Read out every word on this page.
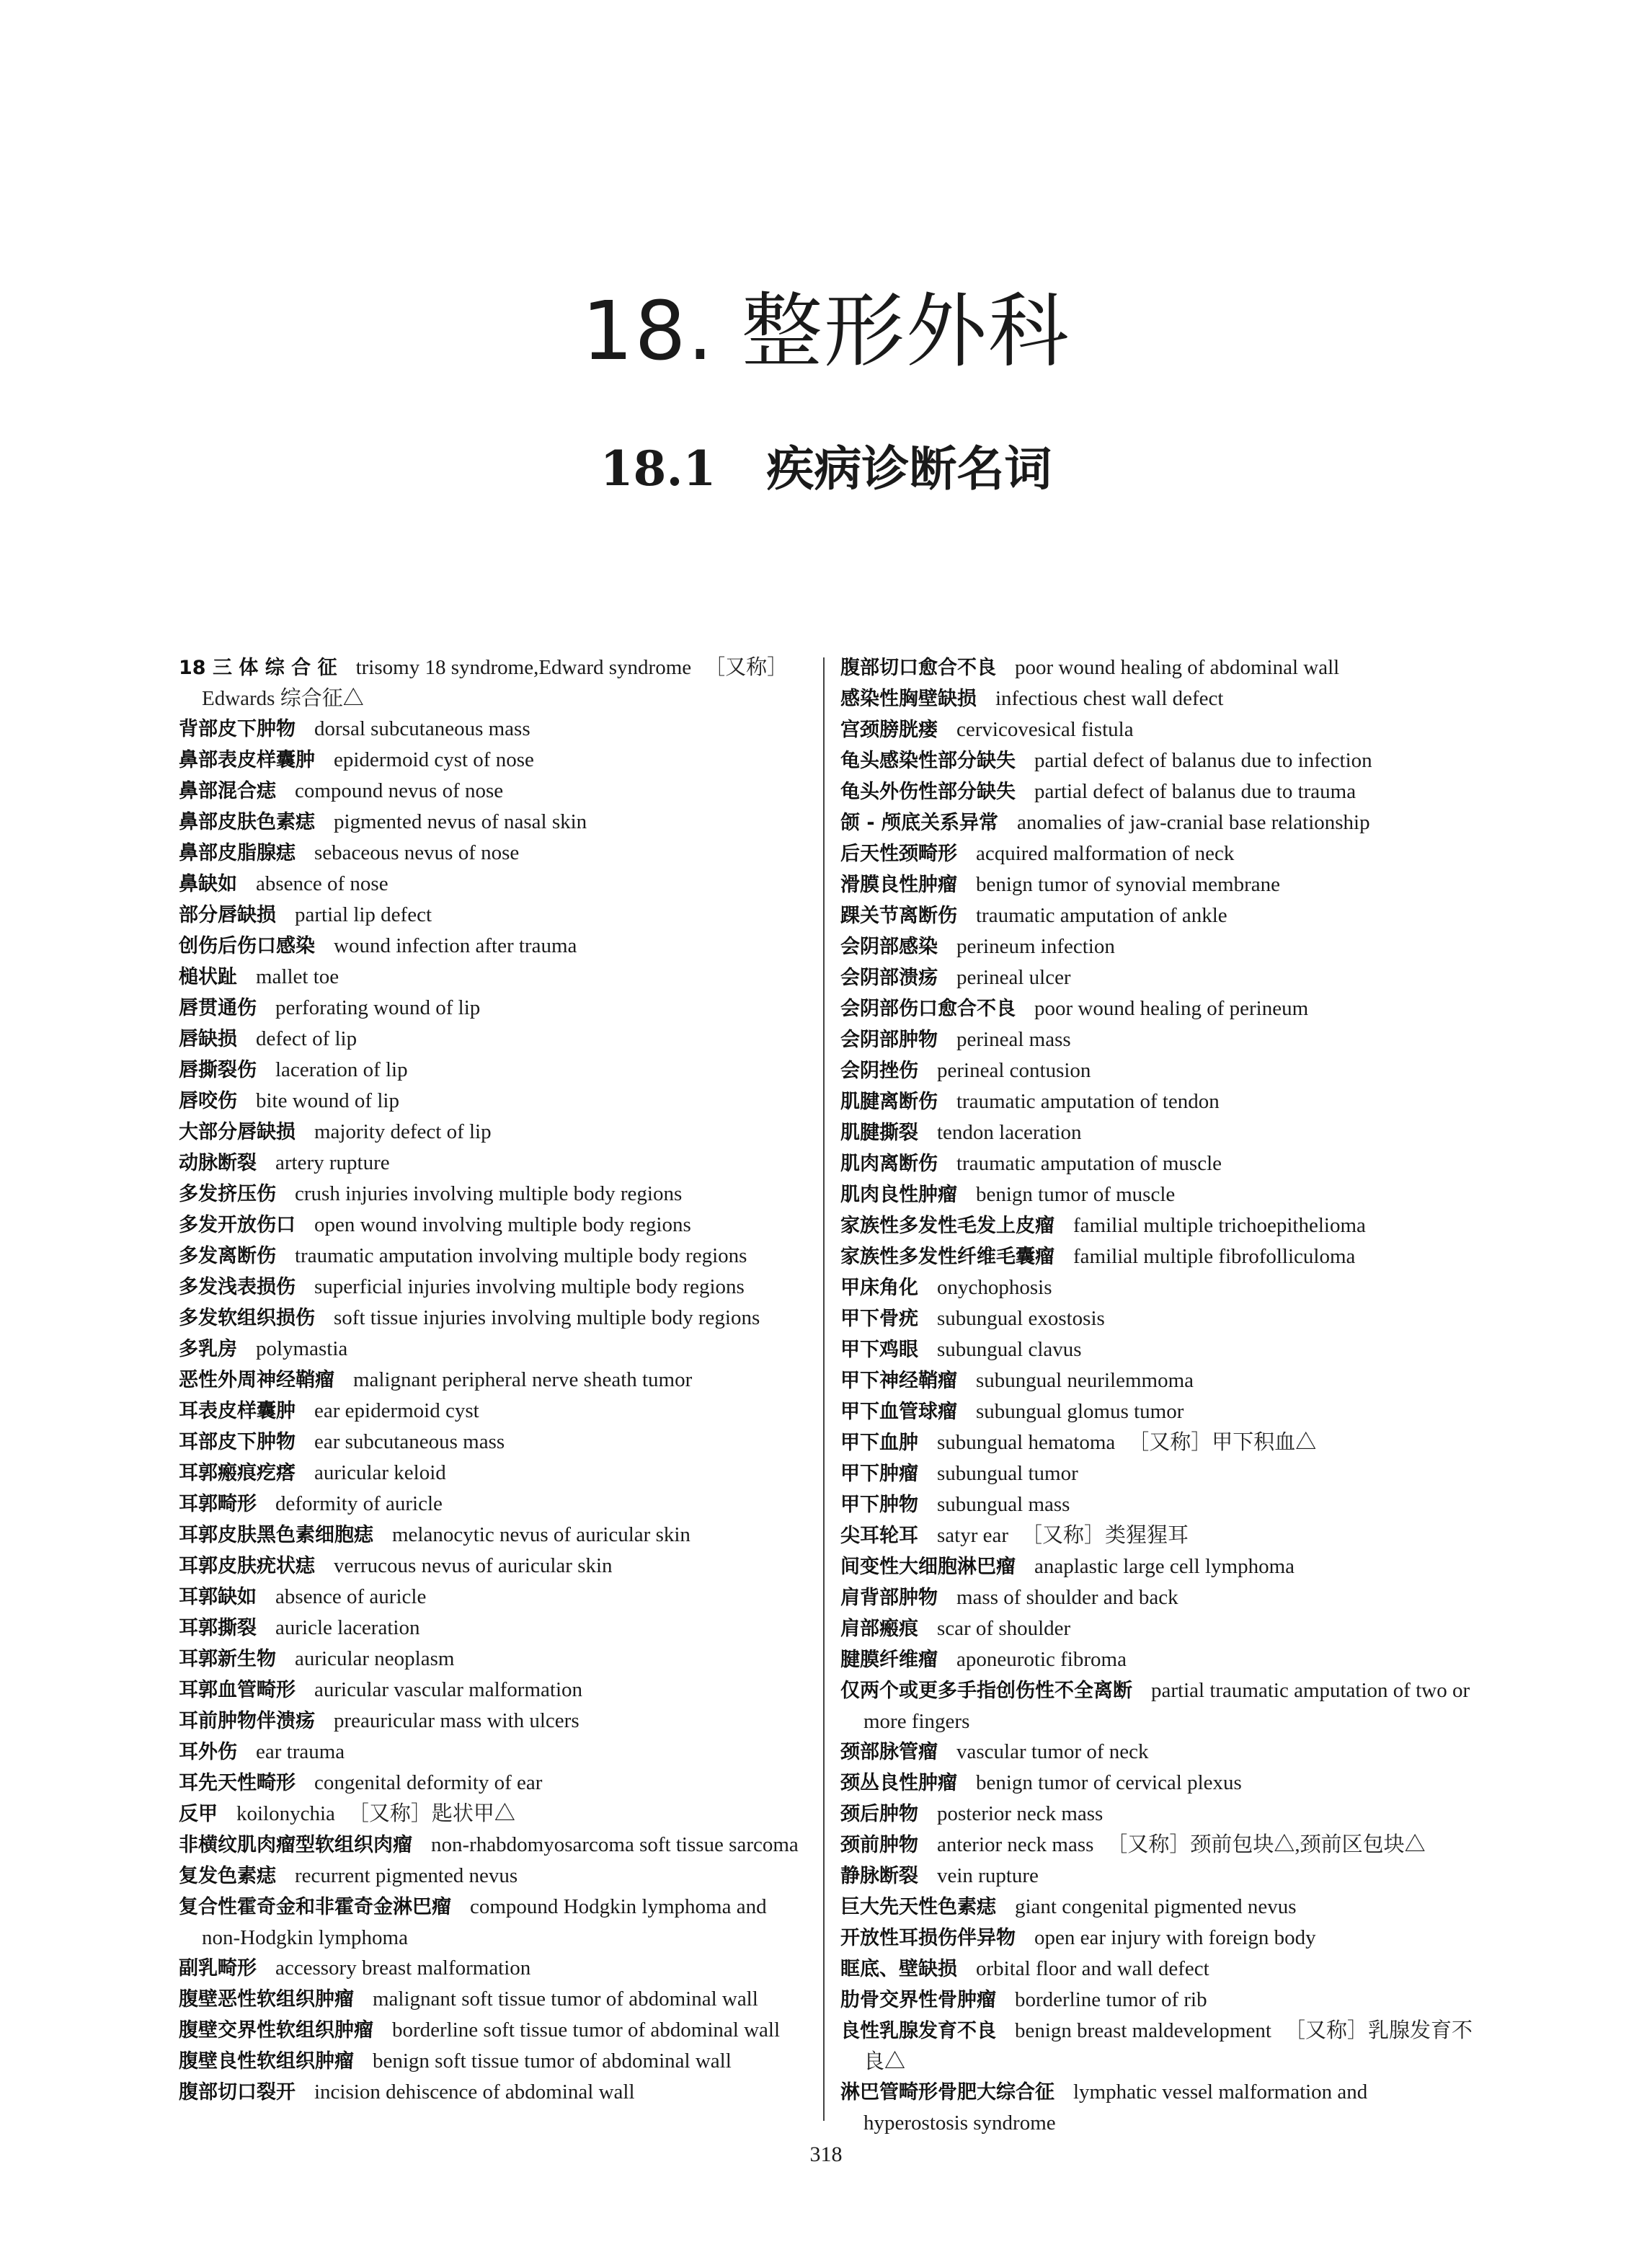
18. 整形外科
18.1 疾病诊断名词

18 三 体 综 合 征 trisomy 18 syndrome,Edward syndrome ［又称］Edwards 综合征△

背部皮下肿物 dorsal subcutaneous mass

鼻部表皮样囊肿 epidermoid cyst of nose

鼻部混合痣 compound nevus of nose

鼻部皮肤色素痣 pigmented nevus of nasal skin

鼻部皮脂腺痣 sebaceous nevus of nose

鼻缺如 absence of nose

部分唇缺损 partial lip defect

创伤后伤口感染 wound infection after trauma

槌状趾 mallet toe

唇贯通伤 perforating wound of lip

唇缺损 defect of lip

唇撕裂伤 laceration of lip

唇咬伤 bite wound of lip

大部分唇缺损 majority defect of lip

动脉断裂 artery rupture

多发挤压伤 crush injuries involving multiple body regions

多发开放伤口 open wound involving multiple body regions

多发离断伤 traumatic amputation involving multiple body regions

多发浅表损伤 superficial injuries involving multiple body regions

多发软组织损伤 soft tissue injuries involving multiple body regions

多乳房 polymastia

恶性外周神经鞘瘤 malignant peripheral nerve sheath tumor

耳表皮样囊肿 ear epidermoid cyst

耳部皮下肿物 ear subcutaneous mass

耳郭瘢痕疙瘩 auricular keloid

耳郭畸形 deformity of auricle

耳郭皮肤黑色素细胞痣 melanocytic nevus of auricular skin

耳郭皮肤疣状痣 verrucous nevus of auricular skin

耳郭缺如 absence of auricle

耳郭撕裂 auricle laceration

耳郭新生物 auricular neoplasm

耳郭血管畸形 auricular vascular malformation

耳前肿物伴溃疡 preauricular mass with ulcers

耳外伤 ear trauma

耳先天性畸形 congenital deformity of ear

反甲 koilonychia ［又称］匙状甲△

非横纹肌肉瘤型软组织肉瘤 non-rhabdomyosarcoma soft tissue sarcoma

复发色素痣 recurrent pigmented nevus

复合性霍奇金和非霍奇金淋巴瘤 compound Hodgkin lymphoma and non-Hodgkin lymphoma

副乳畸形 accessory breast malformation

腹壁恶性软组织肿瘤 malignant soft tissue tumor of abdominal wall

腹壁交界性软组织肿瘤 borderline soft tissue tumor of abdominal wall

腹壁良性软组织肿瘤 benign soft tissue tumor of abdominal wall

腹部切口裂开 incision dehiscence of abdominal wall

腹部切口愈合不良 poor wound healing of abdominal wall

感染性胸壁缺损 infectious chest wall defect

宫颈膀胱瘘 cervicovesical fistula

龟头感染性部分缺失 partial defect of balanus due to infection

龟头外伤性部分缺失 partial defect of balanus due to trauma

颌 - 颅底关系异常 anomalies of jaw-cranial base relationship

后天性颈畸形 acquired malformation of neck

滑膜良性肿瘤 benign tumor of synovial membrane

踝关节离断伤 traumatic amputation of ankle

会阴部感染 perineum infection

会阴部溃疡 perineal ulcer

会阴部伤口愈合不良 poor wound healing of perineum

会阴部肿物 perineal mass

会阴挫伤 perineal contusion

肌腱离断伤 traumatic amputation of tendon

肌腱撕裂 tendon laceration

肌肉离断伤 traumatic amputation of muscle

肌肉良性肿瘤 benign tumor of muscle

家族性多发性毛发上皮瘤 familial multiple trichoepithelioma

家族性多发性纤维毛囊瘤 familial multiple fibrofolliculoma

甲床角化 onychophosis

甲下骨疣 subungual exostosis

甲下鸡眼 subungual clavus

甲下神经鞘瘤 subungual neurilemmoma

甲下血管球瘤 subungual glomus tumor

甲下血肿 subungual hematoma ［又称］甲下积血△

甲下肿瘤 subungual tumor

甲下肿物 subungual mass

尖耳轮耳 satyr ear ［又称］类猩猩耳

间变性大细胞淋巴瘤 anaplastic large cell lymphoma

肩背部肿物 mass of shoulder and back

肩部瘢痕 scar of shoulder

腱膜纤维瘤 aponeurotic fibroma

仅两个或更多手指创伤性不全离断 partial traumatic amputation of two or more fingers

颈部脉管瘤 vascular tumor of neck

颈丛良性肿瘤 benign tumor of cervical plexus

颈后肿物 posterior neck mass

颈前肿物 anterior neck mass ［又称］颈前包块△,颈前区包块△

静脉断裂 vein rupture

巨大先天性色素痣 giant congenital pigmented nevus

开放性耳损伤伴异物 open ear injury with foreign body

眶底、壁缺损 orbital floor and wall defect

肋骨交界性骨肿瘤 borderline tumor of rib

良性乳腺发育不良 benign breast maldevelopment ［又称］乳腺发育不良△

淋巴管畸形骨肥大综合征 lymphatic vessel malformation and hyperostosis syndrome

318
